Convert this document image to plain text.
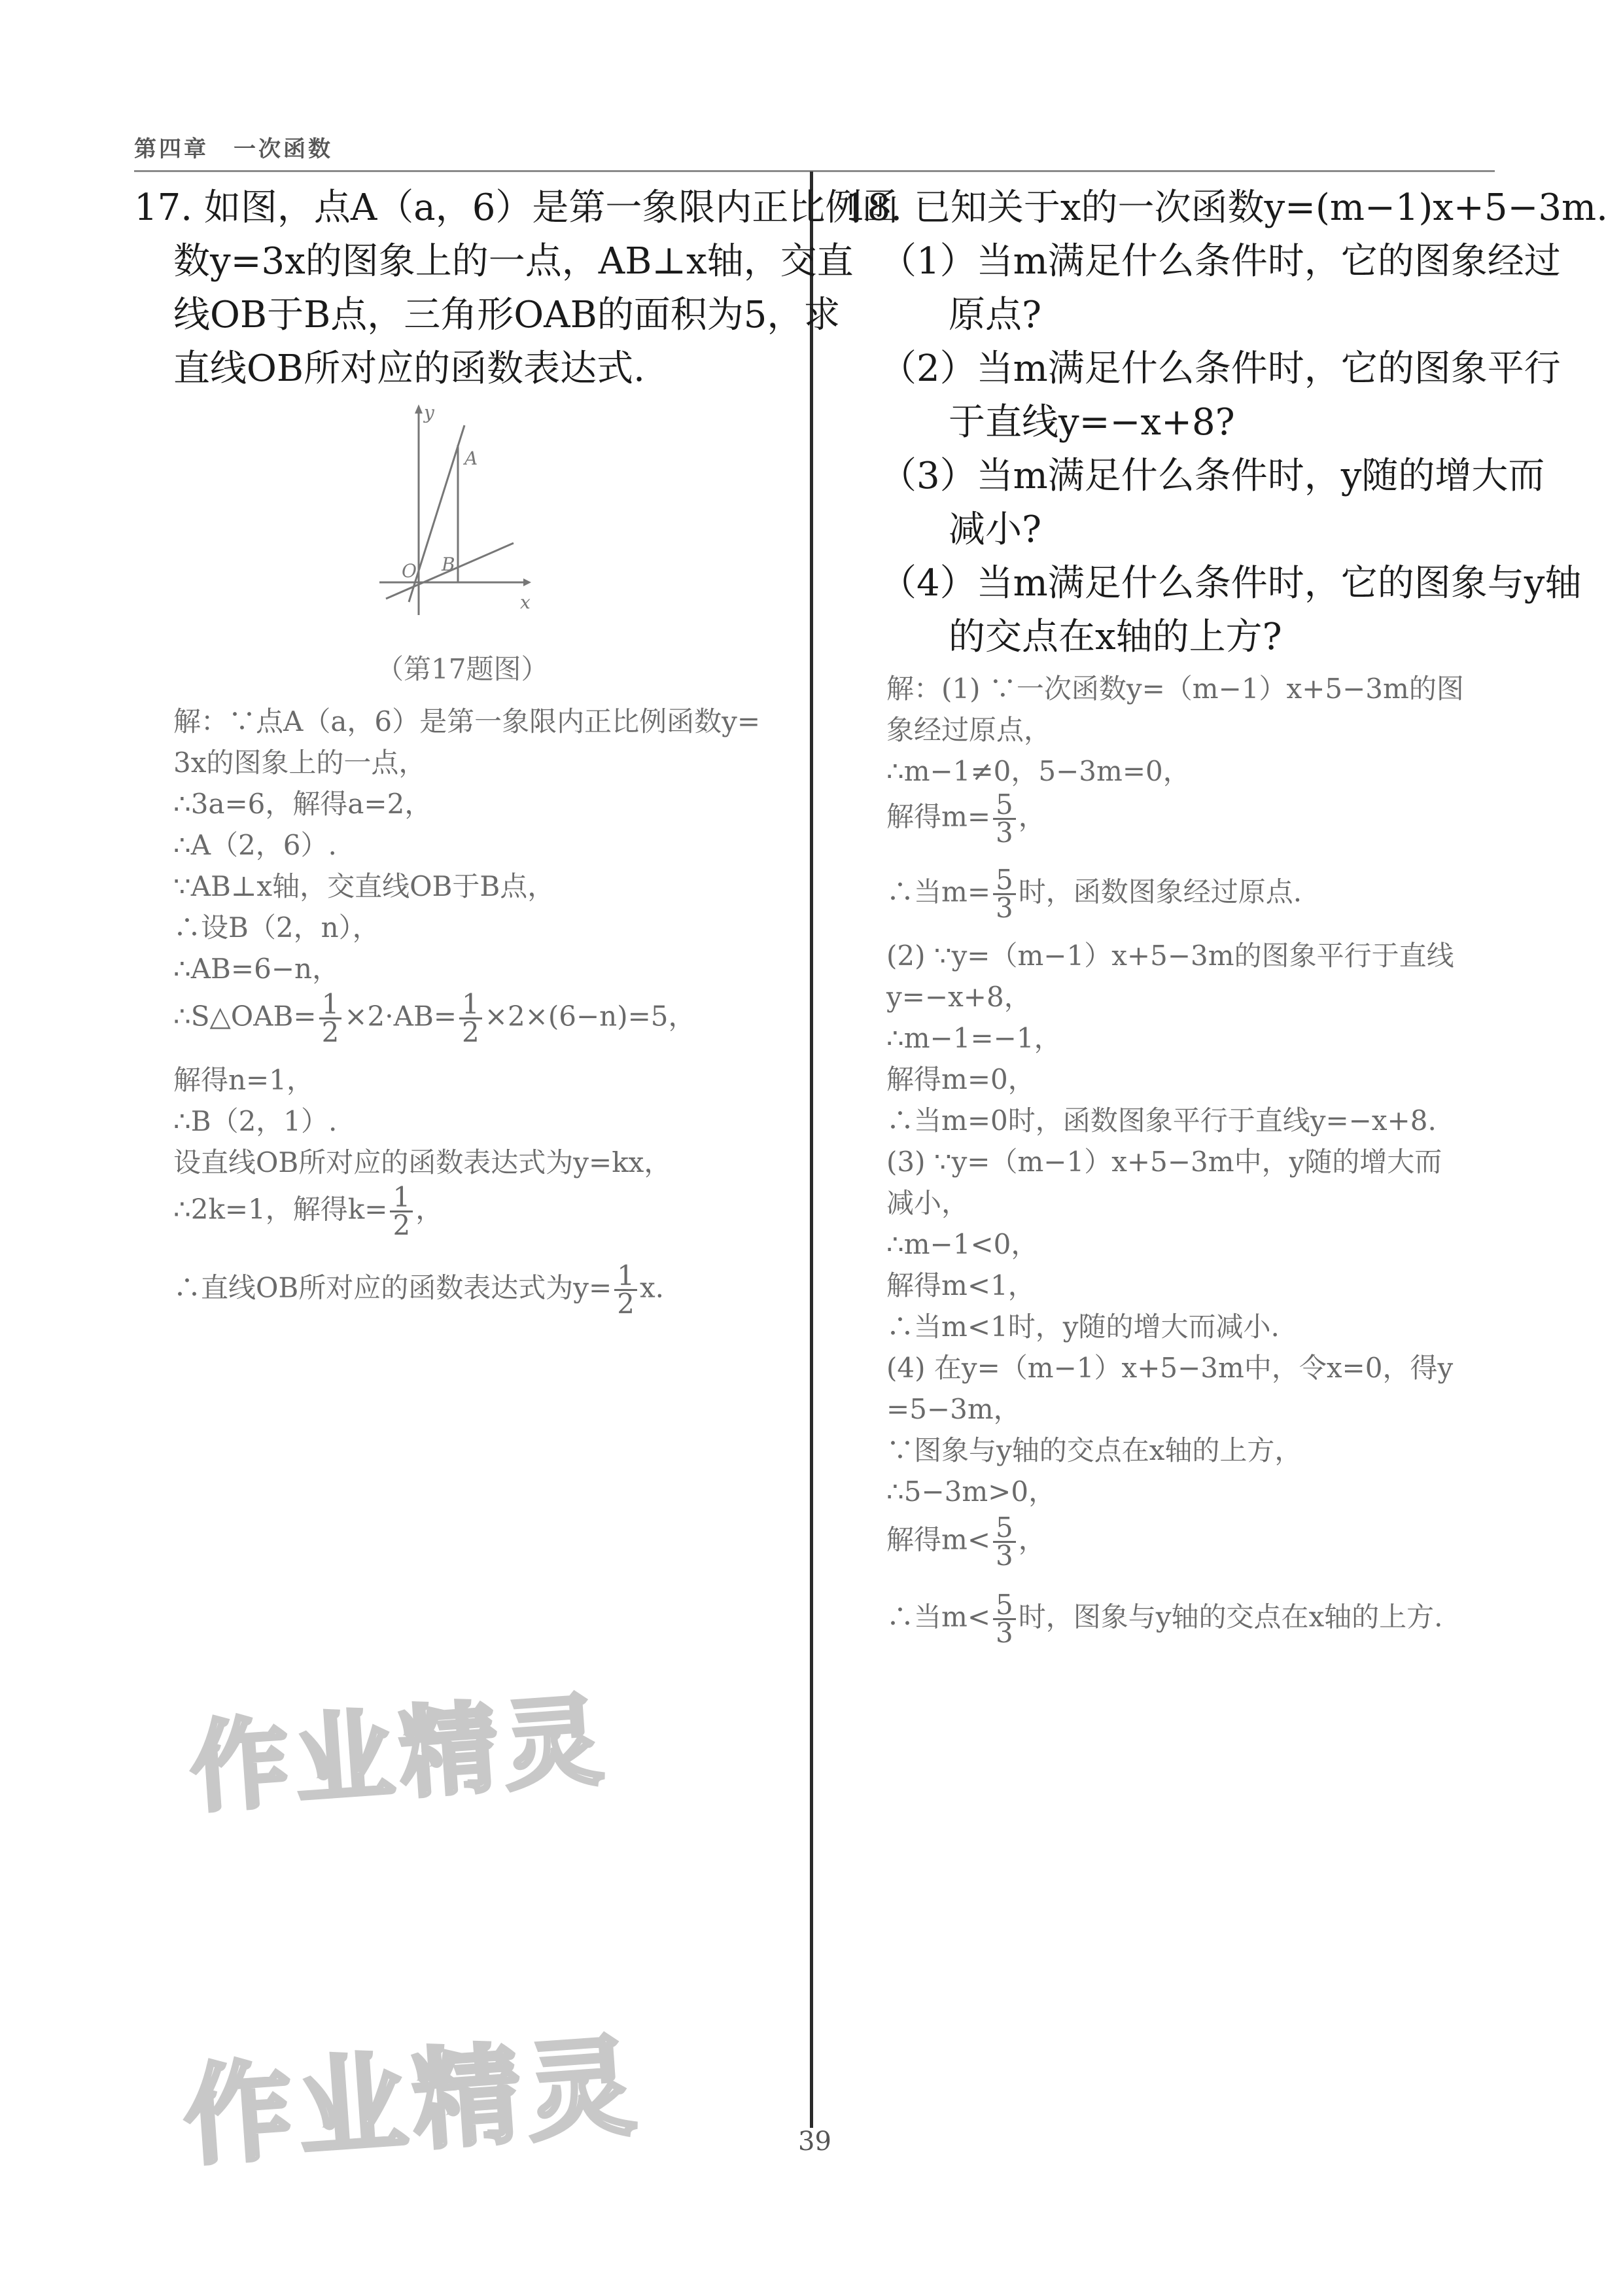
第四章　一次函数
17. 如图，点A（a，6）是第一象限内正比例函
数y=3x的图象上的一点，AB⊥x轴，交直
线OB于B点，三角形OAB的面积为5，求
直线OB所对应的函数表达式.
y
x
A
B
O
（第17题图）
解：∵点A（a，6）是第一象限内正比例函数y=
3x的图象上的一点，
∴3a=6，解得a=2，
∴A（2，6）.
∵AB⊥x轴，交直线OB于B点，
∴设B（2，n），
∴AB=6−n，
∴S△OAB= $\frac{1}{2} \times 2\cdot AB= \frac{1}{2} \times 2\times(6-n)=5$，
解得n=1，
∴B（2，1）.
设直线OB所对应的函数表达式为y=kx，
∴2k=1，解得$k= \frac{1}{2}$ ，
∴直线OB所对应的函数表达式为$y= \frac{1}{2} x$.
18. 已知关于x的一次函数y=(m−1)x+5−3m.
（1）当m满足什么条件时，它的图象经过
原点?
（2）当m满足什么条件时，它的图象平行
于直线y=−x+8?
（3）当m满足什么条件时，y随的增大而
减小?
（4）当m满足什么条件时，它的图象与y轴
的交点在x轴的上方?
解：(1) ∵一次函数y=（m−1）x+5−3m的图
象经过原点，
∴m−1≠0，5−3m=0，
解得$m= \frac{5}{3}$ ，
∴当$m= \frac{5}{3}$ 时，函数图象经过原点.
(2) ∵y=（m−1）x+5−3m的图象平行于直线
y=−x+8，
∴m−1=−1，
解得m=0，
∴当m=0时，函数图象平行于直线y=−x+8.
(3) ∵y=（m−1）x+5−3m中，y随的增大而
减小，
∴m−1<0，
解得m<1，
∴当m<1时，y随的增大而减小.
(4) 在y=（m−1）x+5−3m中，令x=0，得y
=5−3m，
∵图象与y轴的交点在x轴的上方，
∴5−3m>0，
解得$m< \frac{5}{3}$ ，
∴当$m< \frac{5}{3}$ 时，图象与y轴的交点在x轴的上方.
作业精灵
作业精灵	39
